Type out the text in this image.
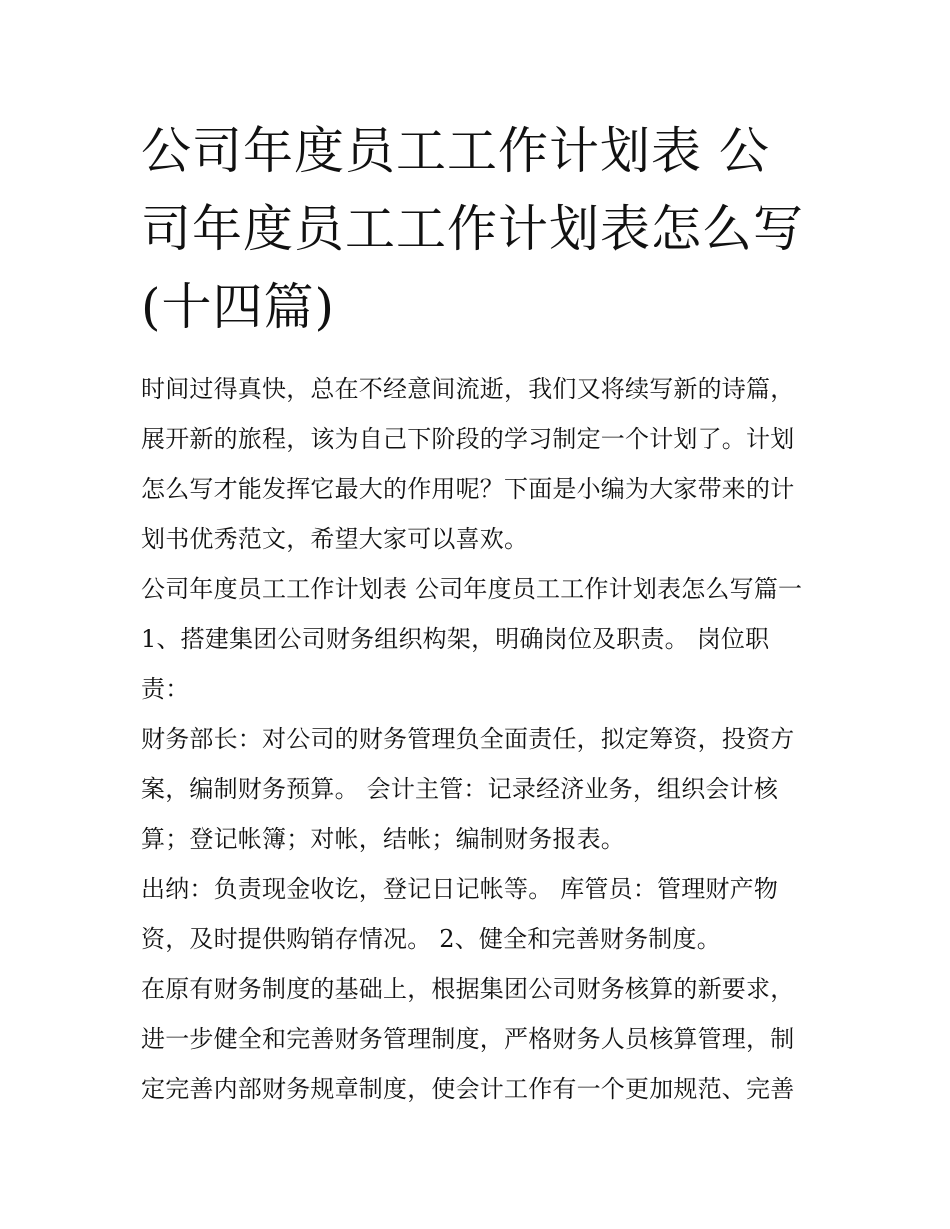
公司年度员工工作计划表 公司年度员工工作计划表怎么写(十四篇)

时间过得真快，总在不经意间流逝，我们又将续写新的诗篇，展开新的旅程，该为自己下阶段的学习制定一个计划了。计划怎么写才能发挥它最大的作用呢？下面是小编为大家带来的计划书优秀范文，希望大家可以喜欢。

公司年度员工工作计划表 公司年度员工工作计划表怎么写篇一 1、搭建集团公司财务组织构架，明确岗位及职责。 岗位职责：

财务部长：对公司的财务管理负全面责任，拟定筹资，投资方案，编制财务预算。 会计主管：记录经济业务，组织会计核算；登记帐簿；对帐，结帐；编制财务报表。

出纳：负责现金收讫，登记日记帐等。 库管员：管理财产物资，及时提供购销存情况。 2、健全和完善财务制度。

在原有财务制度的基础上，根据集团公司财务核算的新要求，进一步健全和完善财务管理制度，严格财务人员核算管理，制定完善内部财务规章制度，使会计工作有一个更加规范、完善
